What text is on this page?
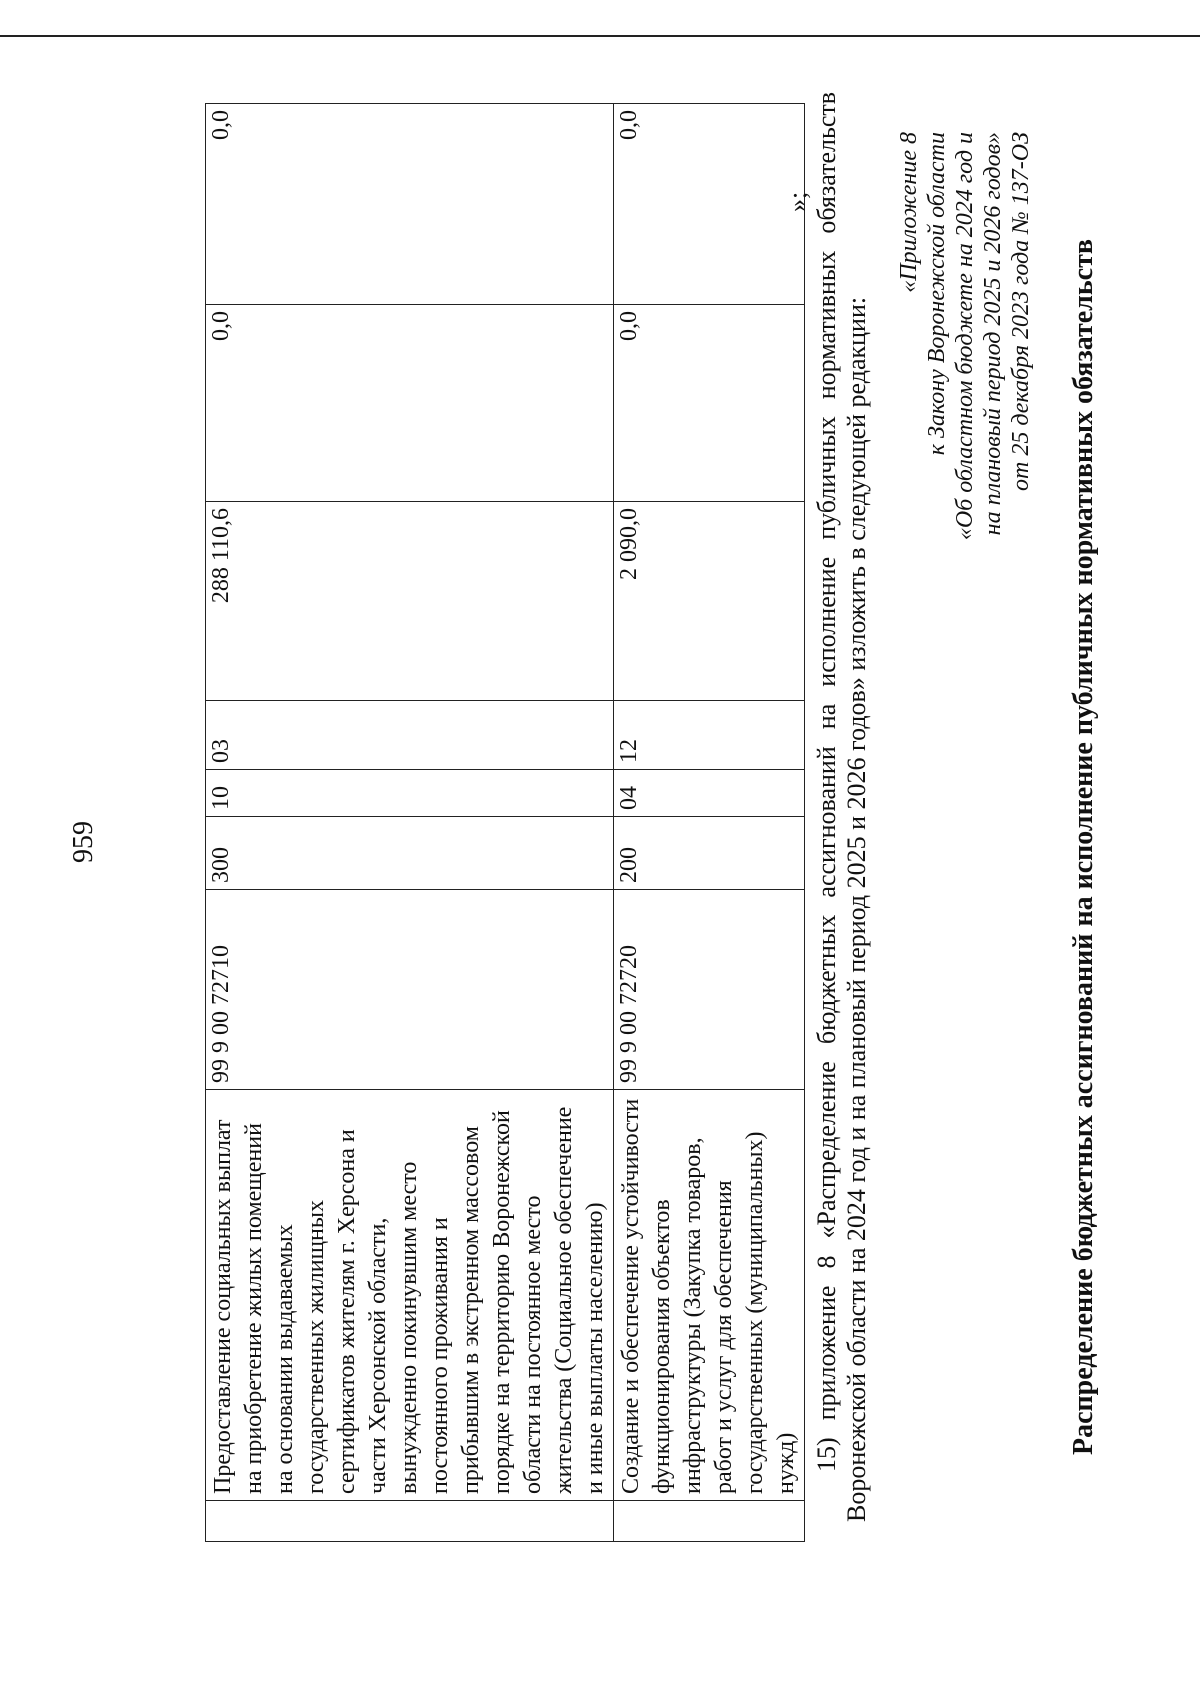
959
	Предоставление социальных выплат на приобретение жилых помещений на основании выдаваемых государственных жилищных сертификатов жителям г. Херсона и части Херсонской области, вынужденно покинувшим место постоянного проживания и прибывшим в экстренном массовом порядке на территорию Воронежской области на постоянное место жительства (Социальное обеспечение и иные выплаты населению)	99 9 00 72710	300	10	03	288 110,6	0,0	0,0
	Создание и обеспечение устойчивости функционирования объектов инфраструктуры (Закупка товаров, работ и услуг для обеспечения государственных (муниципальных) нужд)	99 9 00 72720	200	04	12	2 090,0	0,0	0,0
»; 15) приложение 8 «Распределение бюджетных ассигнований на исполнение публичных нормативных обязательств Воронежской области на 2024 год и на плановый период 2025 и 2026 годов» изложить в следующей редакции:

«Приложение 8 к Закону Воронежской области «Об областном бюджете на 2024 год и на плановый период 2025 и 2026 годов» от 25 декабря 2023 года № 137-ОЗ Распределение бюджетных ассигнований на исполнение публичных нормативных обязательств
